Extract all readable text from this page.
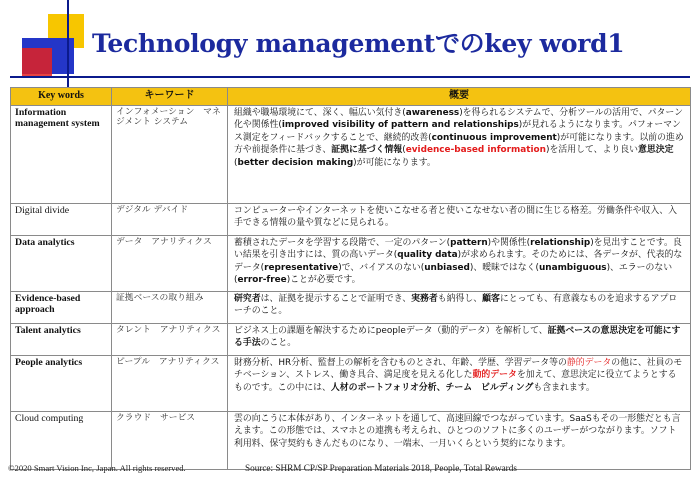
Technology managementでのkey word1
Key words	キーワード	概要
Information management system	インフォメーション　マネジメント システム	組織や職場環境にて、深く、幅広い気付き(awareness)を得られるシステムで、分析ツールの活用で、パターン化や関係性(improved visibility of pattern and relationships)が見れるようになります。パフォーマンス測定をフィードバックすることで、継続的改善(continuous improvement)が可能になります。以前の進め方や前提条件に基づき、証拠に基づく情報(evidence-based information)を活用して、より良い意思決定(better decision making)が可能になります。
Digital divide	デジタル デバイド	コンピューターやインターネットを使いこなせる者と使いこなせない者の間に生じる格差。労働条件や収入、入手できる情報の量や質などに見られる。
Data analytics	データ　アナリティクス	蓄積されたデータを学習する段階で、一定のパターン(pattern)や関係性(relationship)を見出すことです。良い結果を引き出すには、質の高いデータ(quality data)が求められます。そのためには、各データが、代表的なデータ(representative)で、バイアスのない(unbiased)、曖昧ではなく(unambiguous)、エラーのない(error-free)ことが必要です。
Evidence-based approach	証拠ベースの取り組み	研究者は、証拠を提示することで証明でき、実務者も納得し、顧客にとっても、有意義なものを追求するアプローチのこと。
Talent analytics	タレント　アナリティクス	ビジネス上の課題を解決するためにpeopleデータ（動的データ）を解析して、証拠ベースの意思決定を可能にする手法のこと。
People analytics	ピープル　アナリティクス	財務分析、HR分析、監督上の解析を含むものとされ、年齢、学歴、学習データ等の静的データの他に、社員のモチベーション、ストレス、働き具合、満足度を見える化した動的データを加えて、意思決定に役立てようとするものです。この中には、人材のポートフォリオ分析、チーム　ビルディングも含まれます。
Cloud computing	クラウド　サービス	雲の向こうに本体があり、インターネットを通して、高速回線でつながっています。SaaSもその一形態だとも言えます。この形態では、スマホとの連携も考えられ、ひとつのソフトに多くのユーザーがつながります。ソフト利用料、保守契約もきんだものになり、一端末、一月いくらという契約になります。
©2020 Smart Vision Inc, Japan. All rights reserved.	Source: SHRM CP/SP Preparation Materials 2018, People, Total Rewards
